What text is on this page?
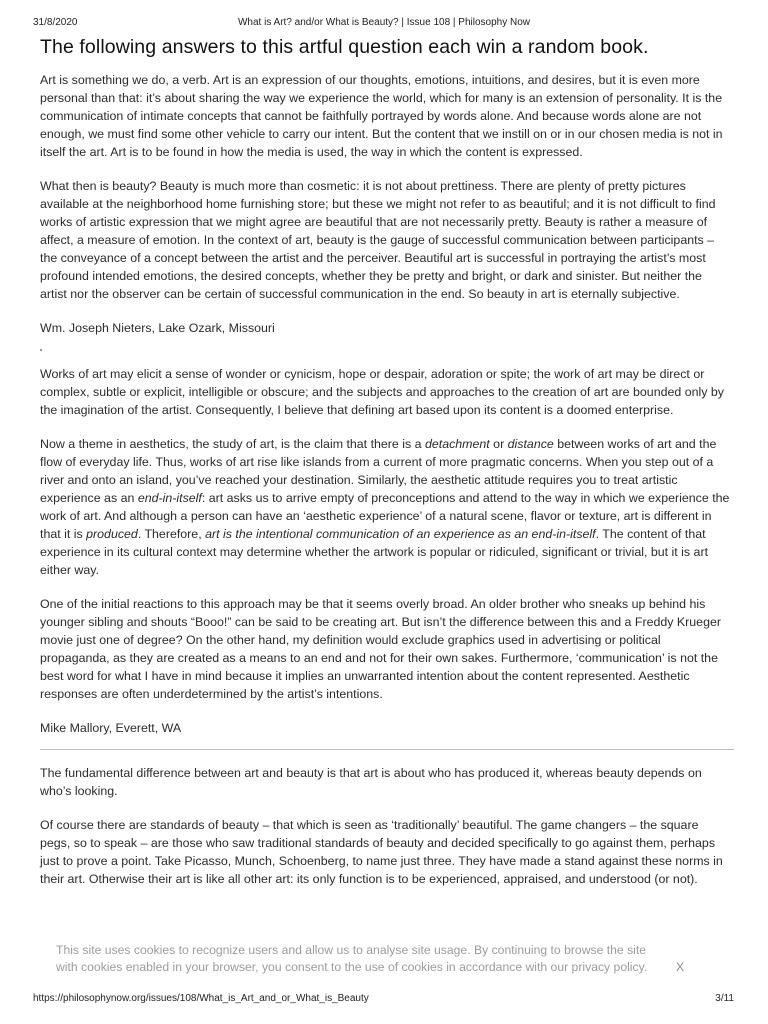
31/8/2020	What is Art? and/or What is Beauty? | Issue 108 | Philosophy Now
The following answers to this artful question each win a random book.

Art is something we do, a verb. Art is an expression of our thoughts, emotions, intuitions, and desires, but it is even more personal than that: it’s about sharing the way we experience the world, which for many is an extension of personality. It is the communication of intimate concepts that cannot be faithfully portrayed by words alone. And because words alone are not enough, we must find some other vehicle to carry our intent. But the content that we instill on or in our chosen media is not in itself the art. Art is to be found in how the media is used, the way in which the content is expressed.

What then is beauty? Beauty is much more than cosmetic: it is not about prettiness. There are plenty of pretty pictures available at the neighborhood home furnishing store; but these we might not refer to as beautiful; and it is not difficult to find works of artistic expression that we might agree are beautiful that are not necessarily pretty. Beauty is rather a measure of affect, a measure of emotion. In the context of art, beauty is the gauge of successful communication between participants – the conveyance of a concept between the artist and the perceiver. Beautiful art is successful in portraying the artist’s most profound intended emotions, the desired concepts, whether they be pretty and bright, or dark and sinister. But neither the artist nor the observer can be certain of successful communication in the end. So beauty in art is eternally subjective.

Wm. Joseph Nieters, Lake Ozark, Missouri

Works of art may elicit a sense of wonder or cynicism, hope or despair, adoration or spite; the work of art may be direct or complex, subtle or explicit, intelligible or obscure; and the subjects and approaches to the creation of art are bounded only by the imagination of the artist. Consequently, I believe that defining art based upon its content is a doomed enterprise.

Now a theme in aesthetics, the study of art, is the claim that there is a detachment or distance between works of art and the flow of everyday life. Thus, works of art rise like islands from a current of more pragmatic concerns. When you step out of a river and onto an island, you’ve reached your destination. Similarly, the aesthetic attitude requires you to treat artistic experience as an end-in-itself: art asks us to arrive empty of preconceptions and attend to the way in which we experience the work of art. And although a person can have an ‘aesthetic experience’ of a natural scene, flavor or texture, art is different in that it is produced. Therefore, art is the intentional communication of an experience as an end-in-itself. The content of that experience in its cultural context may determine whether the artwork is popular or ridiculed, significant or trivial, but it is art either way.

One of the initial reactions to this approach may be that it seems overly broad. An older brother who sneaks up behind his younger sibling and shouts “Booo!” can be said to be creating art. But isn’t the difference between this and a Freddy Krueger movie just one of degree? On the other hand, my definition would exclude graphics used in advertising or political propaganda, as they are created as a means to an end and not for their own sakes. Furthermore, ‘communication’ is not the best word for what I have in mind because it implies an unwarranted intention about the content represented. Aesthetic responses are often underdetermined by the artist’s intentions.

Mike Mallory, Everett, WA

The fundamental difference between art and beauty is that art is about who has produced it, whereas beauty depends on who’s looking.

Of course there are standards of beauty – that which is seen as ‘traditionally’ beautiful. The game changers – the square pegs, so to speak – are those who saw traditional standards of beauty and decided specifically to go against them, perhaps just to prove a point. Take Picasso, Munch, Schoenberg, to name just three. They have made a stand against these norms in their art. Otherwise their art is like all other art: its only function is to be experienced, appraised, and understood (or not).

This site uses cookies to recognize users and allow us to analyse site usage. By continuing to browse the site
with cookies enabled in your browser, you consent to the use of cookies in accordance with our privacy policy. X
https://philosophynow.org/issues/108/What_is_Art_and_or_What_is_Beauty	3/11
